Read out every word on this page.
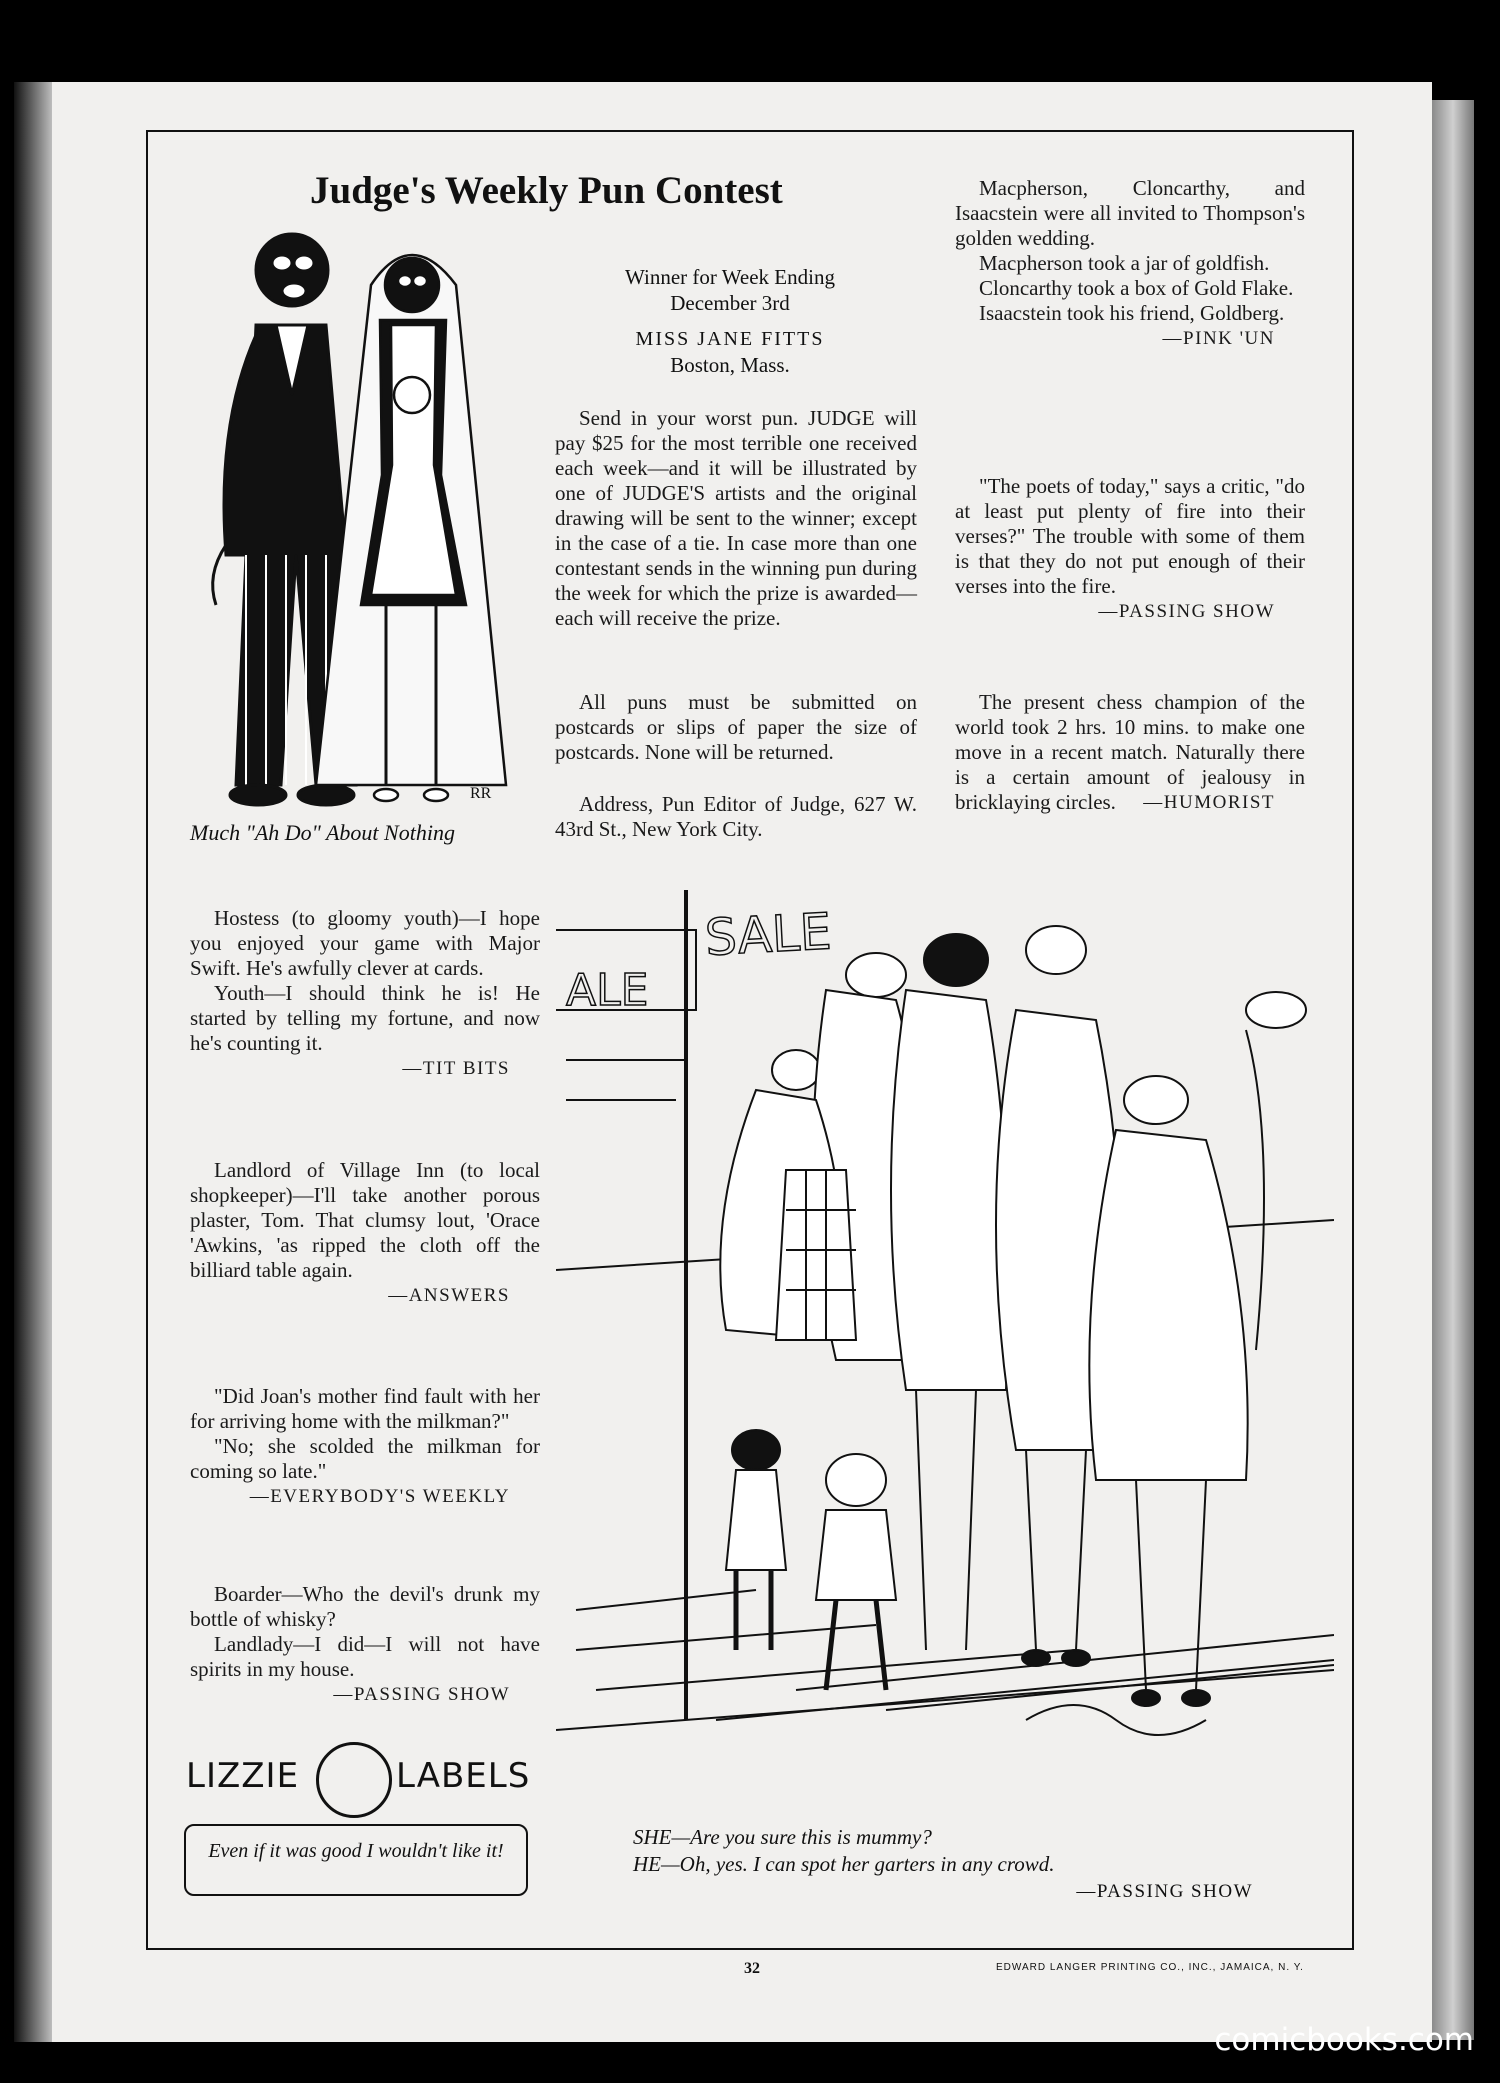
Judge's Weekly Pun Contest
RR
Much "Ah Do" About Nothing
Winner for Week Ending
December 3rd
MISS JANE FITTS
Boston, Mass.
Send in your worst pun. JUDGE will pay $25 for the most terrible one received each week—and it will be illustrated by one of JUDGE'S artists and the original drawing will be sent to the winner; except in the case of a tie. In case more than one contestant sends in the winning pun during the week for which the prize is awarded—each will receive the prize.
All puns must be submitted on postcards or slips of paper the size of postcards. None will be returned.
Address, Pun Editor of Judge, 627 W. 43rd St., New York City.
Macpherson, Cloncarthy, and Isaacstein were all invited to Thompson's golden wedding.
Macpherson took a jar of goldfish.
Cloncarthy took a box of Gold Flake.
Isaacstein took his friend, Goldberg.
—PINK 'UN
"The poets of today," says a critic, "do at least put plenty of fire into their verses?" The trouble with some of them is that they do not put enough of their verses into the fire.
—PASSING SHOW
The present chess champion of the world took 2 hrs. 10 mins. to make one move in a recent match. Naturally there is a certain amount of jealousy in bricklaying circles.	—HUMORIST
Hostess (to gloomy youth)—I hope you enjoyed your game with Major Swift. He's awfully clever at cards.
Youth—I should think he is! He started by telling my fortune, and now he's counting it.
—TIT BITS
Landlord of Village Inn (to local shopkeeper)—I'll take another porous plaster, Tom. That clumsy lout, 'Orace 'Awkins, 'as ripped the cloth off the billiard table again.
—ANSWERS
"Did Joan's mother find fault with her for arriving home with the milkman?"
"No; she scolded the milkman for coming so late."
—EVERYBODY'S WEEKLY
Boarder—Who the devil's drunk my bottle of whisky?
Landlady—I did—I will not have spirits in my house.
—PASSING SHOW
LIZZIE	LABELS
Even if it was good I wouldn't like it!
SALE
ALE
SHE—Are you sure this is mummy?
HE—Oh, yes. I can spot her garters in any crowd.
—PASSING SHOW
32	EDWARD LANGER PRINTING CO., INC., JAMAICA, N. Y.
comicbooks.com
